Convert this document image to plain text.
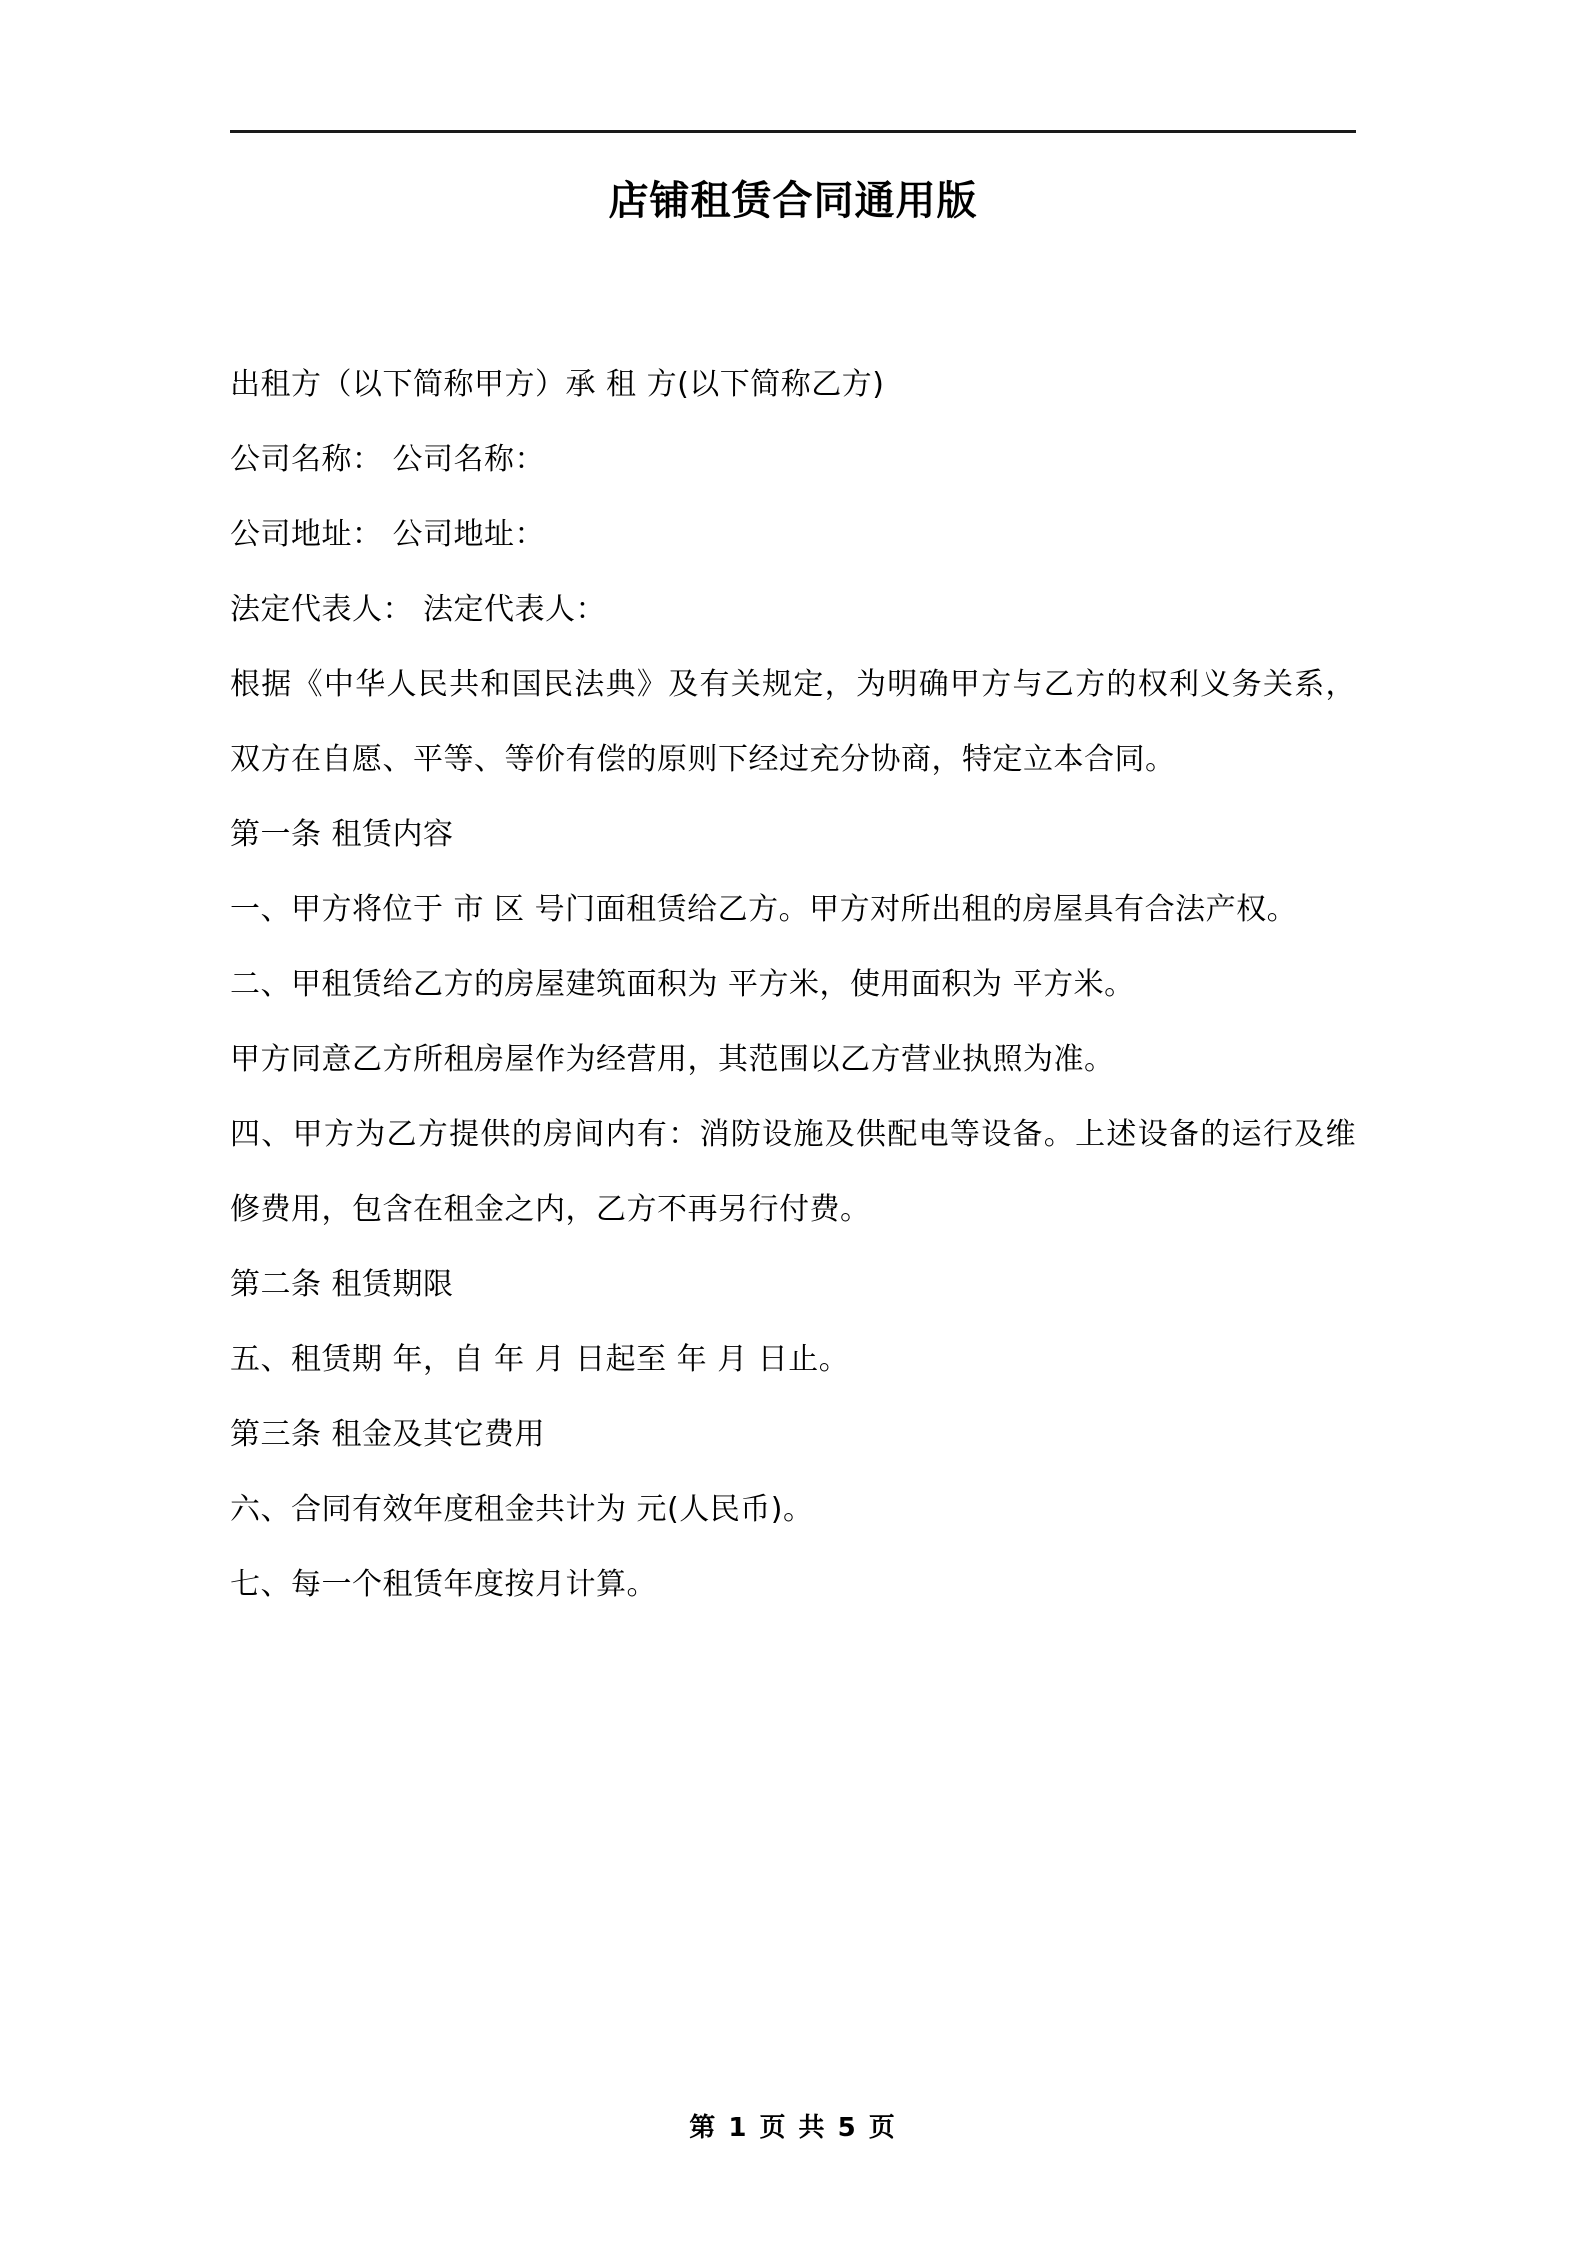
店铺租赁合同通用版

出租方（以下简称甲方）承 租 方(以下简称乙方)

公司名称： 公司名称：

公司地址： 公司地址：

法定代表人： 法定代表人：

根据《中华人民共和国民法典》及有关规定，为明确甲方与乙方的权利义务关系，双方在自愿、平等、等价有偿的原则下经过充分协商，特定立本合同。

第一条 租赁内容

一、甲方将位于 市 区 号门面租赁给乙方。甲方对所出租的房屋具有合法产权。

二、甲租赁给乙方的房屋建筑面积为 平方米，使用面积为 平方米。

甲方同意乙方所租房屋作为经营用，其范围以乙方营业执照为准。

四、甲方为乙方提供的房间内有：消防设施及供配电等设备。上述设备的运行及维修费用，包含在租金之内，乙方不再另行付费。

第二条 租赁期限

五、租赁期 年，自 年 月 日起至 年 月 日止。

第三条 租金及其它费用

六、合同有效年度租金共计为 元(人民币)。

七、每一个租赁年度按月计算。

第 1 页 共 5 页
